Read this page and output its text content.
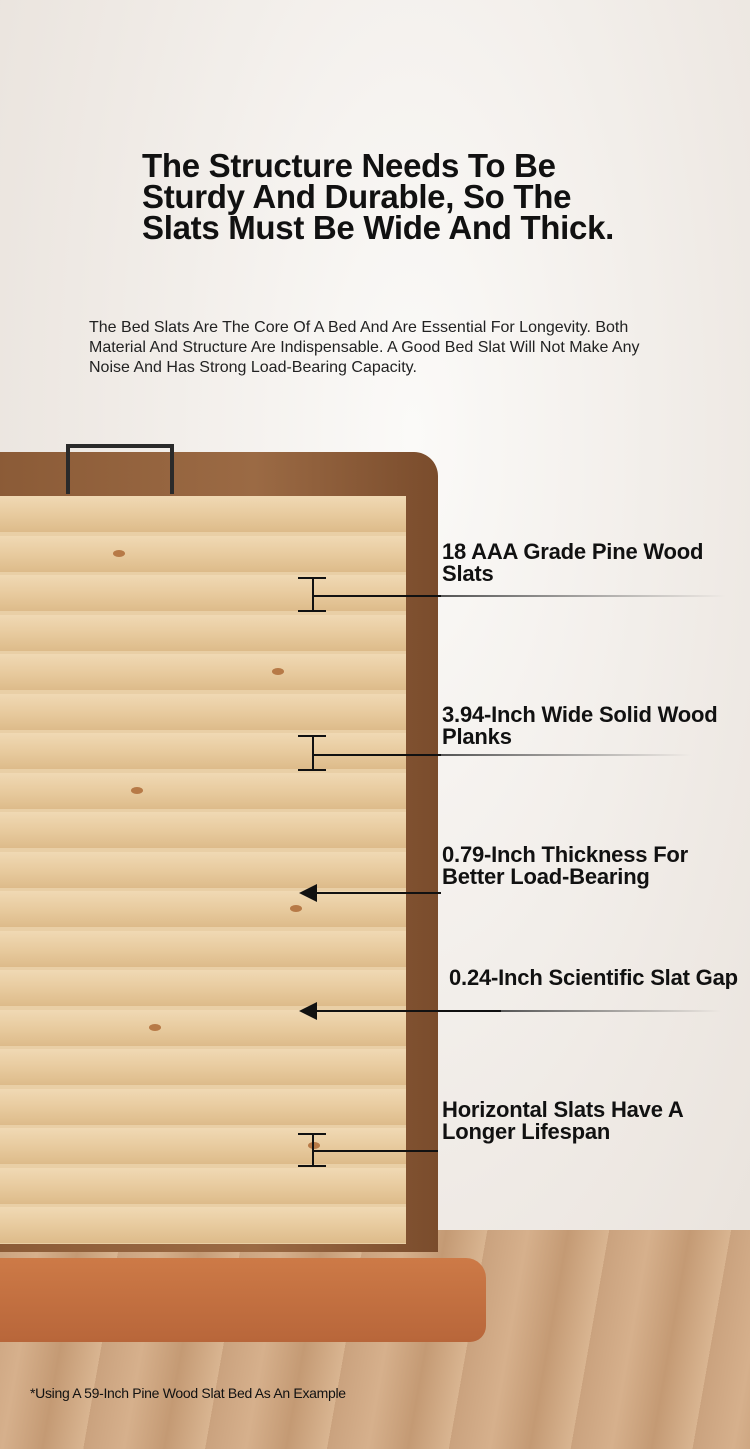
The Structure Needs To Be Sturdy And Durable, So The Slats Must Be Wide And Thick.

The Bed Slats Are The Core Of A Bed And Are Essential For Longevity. Both Material And Structure Are Indispensable. A Good Bed Slat Will Not Make Any Noise And Has Strong Load-Bearing Capacity.

18 AAA Grade Pine Wood Slats

3.94-Inch Wide Solid Wood Planks

0.79-Inch Thickness For Better Load-Bearing

0.24-Inch Scientific Slat Gap

Horizontal Slats Have A Longer Lifespan

*Using A 59-Inch Pine Wood Slat Bed As An Example
